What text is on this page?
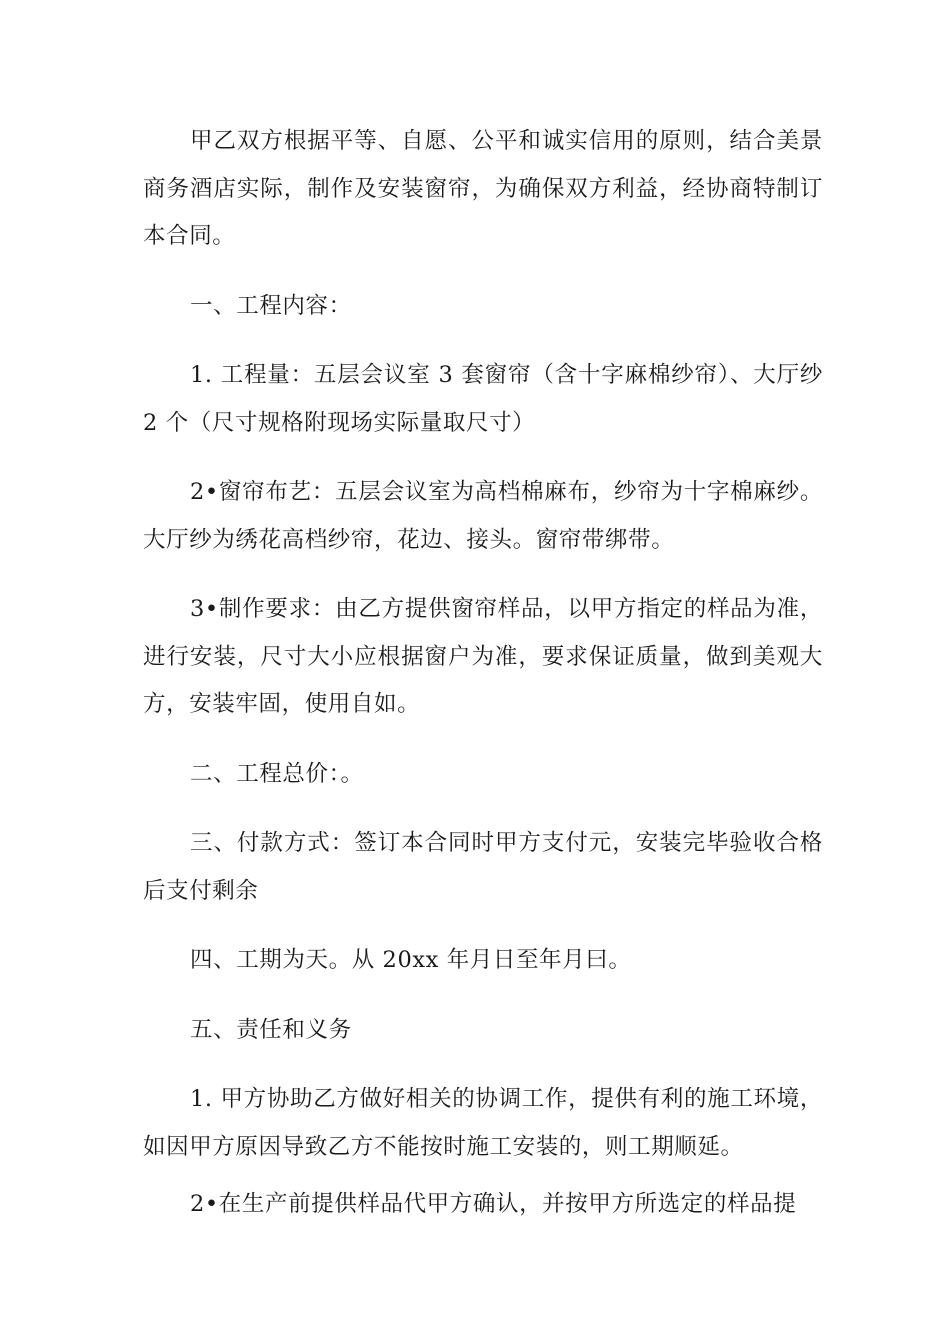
甲乙双方根据平等、自愿、公平和诚实信用的原则，结合美景商务酒店实际，制作及安装窗帘，为确保双方利益，经协商特制订本合同。

一、工程内容：

1. 工程量：五层会议室 3 套窗帘（含十字麻棉纱帘）、大厅纱 2 个（尺寸规格附现场实际量取尺寸）

2•窗帘布艺：五层会议室为高档棉麻布，纱帘为十字棉麻纱。大厅纱为绣花高档纱帘，花边、接头。窗帘带绑带。

3•制作要求：由乙方提供窗帘样品，以甲方指定的样品为准，进行安装，尺寸大小应根据窗户为准，要求保证质量，做到美观大方，安装牢固，使用自如。

二、工程总价：。

三、付款方式：签订本合同时甲方支付元，安装完毕验收合格后支付剩余

四、工期为天。从 20xx 年月日至年月曰。

五、责任和义务

1. 甲方协助乙方做好相关的协调工作，提供有利的施工环境，如因甲方原因导致乙方不能按时施工安装的，则工期顺延。

2•在生产前提供样品代甲方确认，并按甲方所选定的样品提
